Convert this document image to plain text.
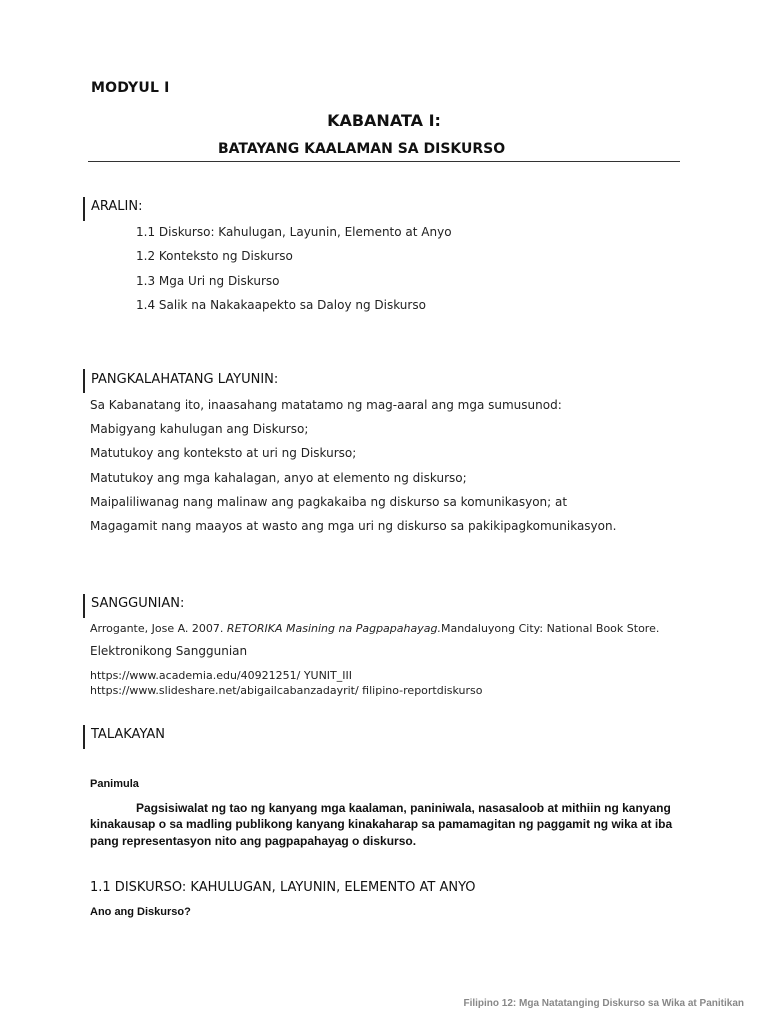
MODYUL I
KABANATA I:
BATAYANG KAALAMAN SA DISKURSO
ARALIN:
1.1 Diskurso: Kahulugan, Layunin, Elemento at Anyo
1.2 Konteksto ng Diskurso
1.3 Mga Uri ng Diskurso
1.4 Salik na Nakakaapekto sa Daloy ng Diskurso
PANGKALAHATANG LAYUNIN:
Sa Kabanatang ito, inaasahang matatamo ng mag-aaral ang mga sumusunod:
Mabigyang kahulugan ang Diskurso;
Matutukoy ang konteksto at uri ng Diskurso;
Matutukoy ang mga kahalagan, anyo at elemento ng diskurso;
Maipaliliwanag nang malinaw ang pagkakaiba ng diskurso sa komunikasyon; at
Magagamit nang maayos at wasto ang mga uri ng diskurso sa pakikipagkomunikasyon.
SANGGUNIAN:
Arrogante, Jose A. 2007. RETORIKA Masining na Pagpapahayag.Mandaluyong City: National Book Store.
Elektronikong Sanggunian
https://www.academia.edu/40921251/ YUNIT_III
https://www.slideshare.net/abigailcabanzadayrit/ filipino-reportdiskurso
TALAKAYAN
Panimula
Pagsisiwalat ng tao ng kanyang mga kaalaman, paniniwala, nasasaloob at mithiin ng kanyang
kinakausap o sa madling publikong kanyang kinakaharap sa pamamagitan ng paggamit ng wika at iba
pang representasyon nito ang pagpapahayag o diskurso.
1.1 DISKURSO: KAHULUGAN, LAYUNIN, ELEMENTO AT ANYO
Ano ang Diskurso?
Filipino 12: Mga Natatanging Diskurso sa Wika at Panitikan
